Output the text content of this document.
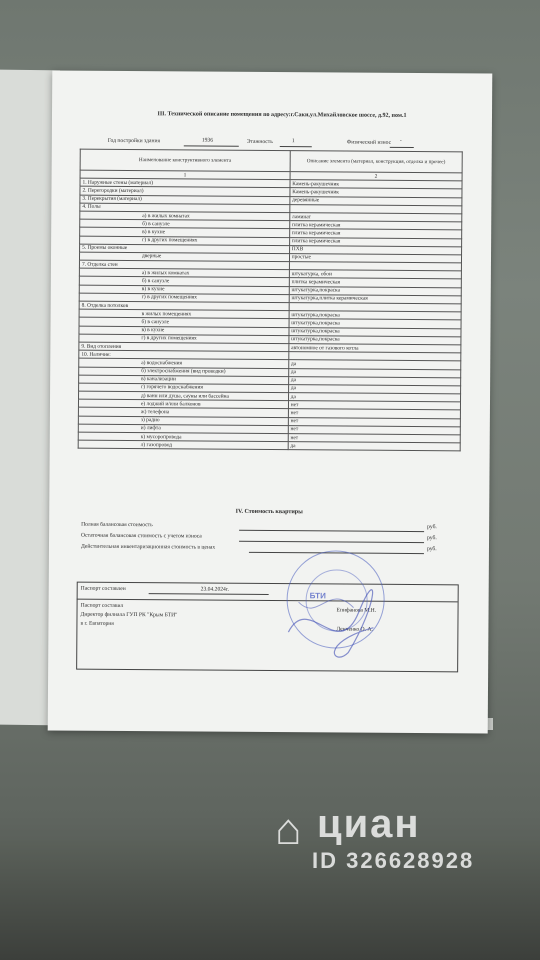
III. Технической описание помещения по адресу:г.Саки,ул.Михайловское шоссе, д.92, пом.1
Год постройки здания	1936	Этажность	1	Физический износ -
Наименование конструктивного элемента	Описание элемента (материал, конструкция, отделка и прочее)
1	2
1. Наружные стены (материал)	Камень-ракушечник
2. Перегородки (материал)	Камень-ракушечник
3. Перекрытия (материал)	деревянные
4. Полы	
а) в жилых комнатах	ламинат
б) в санузле	плитка керамическая
в) в кухне	плитка керамическая
г) в других помещениях	плитка керамическая
5. Проемы оконные	ПХВ
дверные	простые
7. Отделка стен	
а) в жилых комнатах	штукатурка, обои
б) в санузле	плитка керамическая
в) в кухне	штукатурка,покраска
г) в других помещениях	штукатурка,плитка керамическая
8. Отделка потолков	
в жилых помещениях	штукатурка,покраска
б) в санузле	штукатурка,покраска
в) в кухне	штукатурка,покраска
г) в других помещениях	штукатурка,покраска
9. Вид отопления	автономное от газового котла
10. Наличие:	
а) водоснабжения	да
б) электроснабжения (вид проводки)	да
в) канализации	да
г) горячего водоснабжения	да
д) ванн или душа, сауны или бассейна	да
е) лоджий и/или балконов	нет
ж) телефона	нет
з) радио	нет
и) лифта	нет
к) мусоропровода	нет
л) газопровод	да
IV. Стоимость квартиры
Полная балансовая стоимость	руб.
Остаточная балансовая стоимость с учетом износа	руб.
Действительная инвентаризационная стоимость в ценах	руб.
Паспорт составлен	23.04.2024г.
Паспорт составил
Директор филиала ГУП РК "Крым БТИ"
в г. Евпатория
Епифанова М.Н.
Ленченко О. А.
БТИ
⌂ циан
ID 326628928
